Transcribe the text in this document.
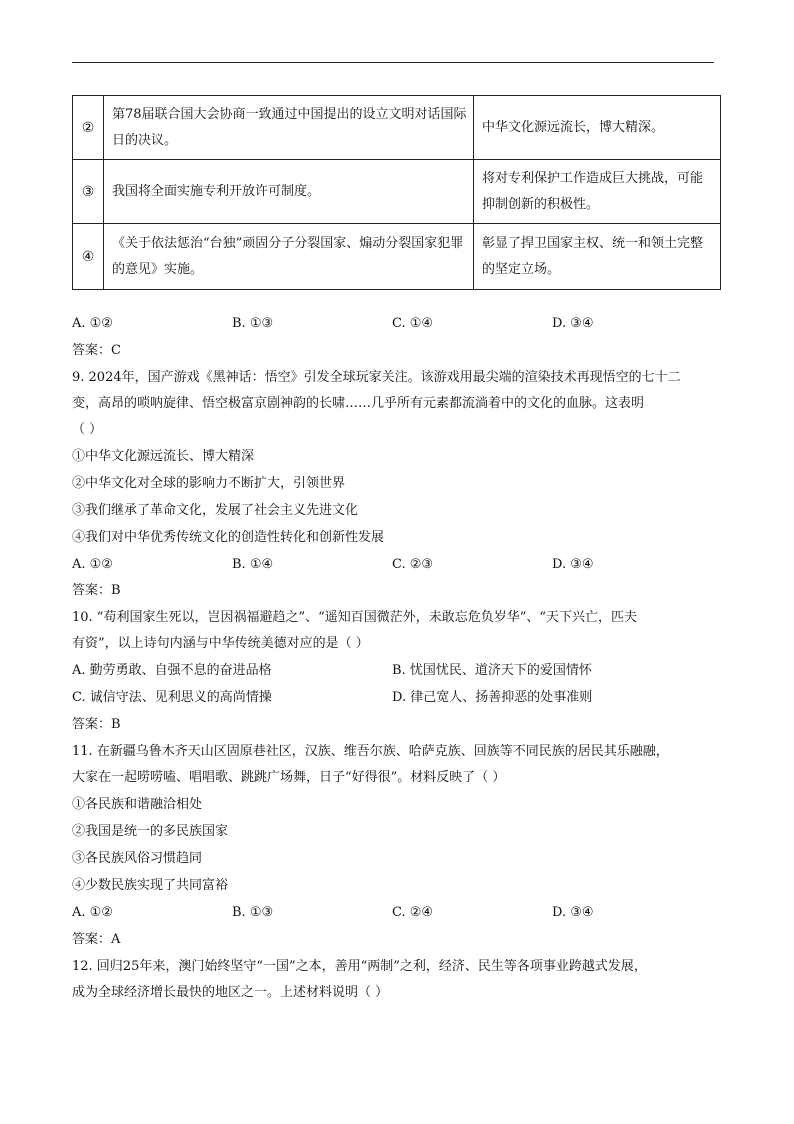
②	第78届联合国大会协商一致通过中国提出的设立文明对话国际日的决议。	中华文化源远流长，博大精深。
③	我国将全面实施专利开放许可制度。	将对专利保护工作造成巨大挑战，可能抑制创新的积极性。
④	《关于依法惩治“台独”顽固分子分裂国家、煽动分裂国家犯罪的意见》实施。	彰显了捍卫国家主权、统一和领土完整的坚定立场。
A. ①②	B. ①③	C. ①④	D. ③④
答案：C
9. 2024年，国产游戏《黑神话：悟空》引发全球玩家关注。该游戏用最尖端的渲染技术再现悟空的七十二
变，高昂的唢呐旋律、悟空极富京剧神韵的长啸……几乎所有元素都流淌着中的文化的血脉。这表明
（ ）
①中华文化源远流长、博大精深
②中华文化对全球的影响力不断扩大，引领世界
③我们继承了革命文化，发展了社会主义先进文化
④我们对中华优秀传统文化的创造性转化和创新性发展
A. ①②	B. ①④	C. ②③	D. ③④
答案：B
10. “苟利国家生死以，岂因祸福避趋之”、“遥知百国微茫外，未敢忘危负岁华”、“天下兴亡，匹夫
有资”，以上诗句内涵与中华传统美德对应的是（ ）
A. 勤劳勇敢、自强不息的奋进品格	B. 忧国忧民、道济天下的爱国情怀
C. 诚信守法、见利思义的高尚情操	D. 律己宽人、扬善抑恶的处事准则
答案：B
11. 在新疆乌鲁木齐天山区固原巷社区，汉族、维吾尔族、哈萨克族、回族等不同民族的居民其乐融融，
大家在一起唠唠嗑、唱唱歌、跳跳广场舞，日子“好得很”。材料反映了（ ）
①各民族和谐融洽相处
②我国是统一的多民族国家
③各民族风俗习惯趋同
④少数民族实现了共同富裕
A. ①②	B. ①③	C. ②④	D. ③④
答案：A
12. 回归25年来，澳门始终坚守“一国”之本，善用“两制”之利，经济、民生等各项事业跨越式发展，
成为全球经济增长最快的地区之一。上述材料说明（ ）
